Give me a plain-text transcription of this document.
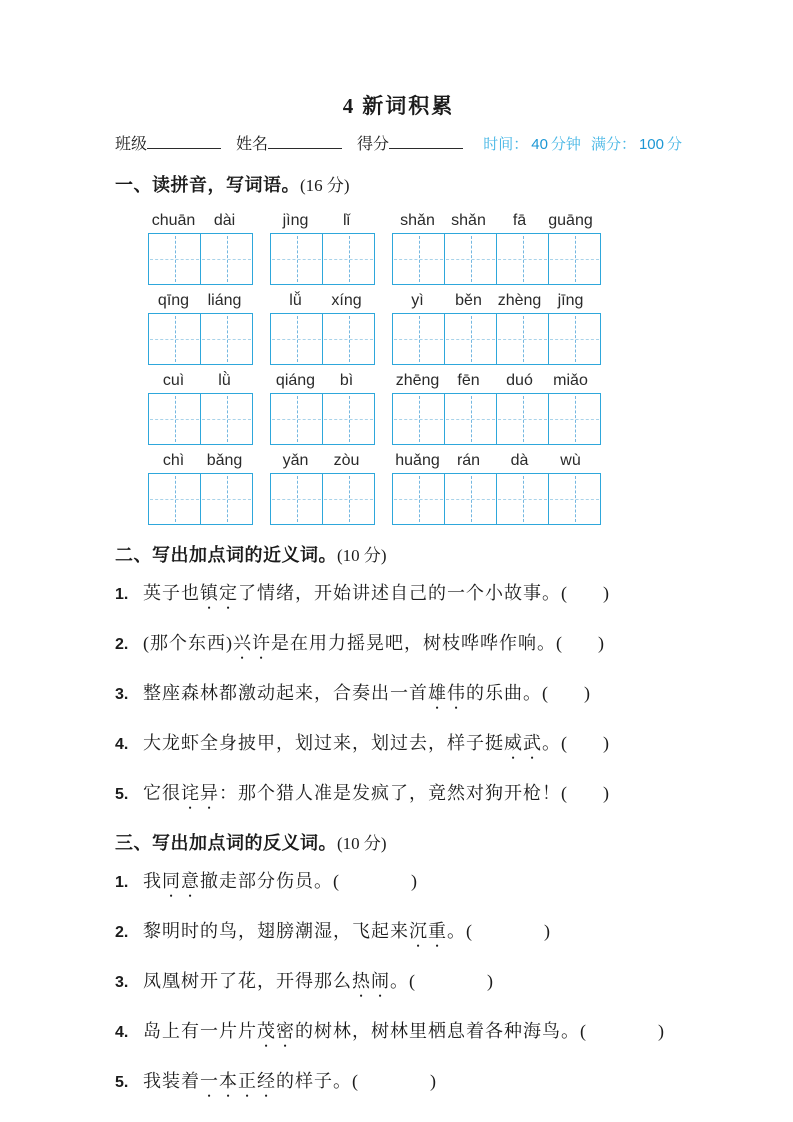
4 新词积累
班级	姓名	得分	时间： 40 分钟 满分： 100 分
一、读拼音，写词语。(16 分)
chuān	dài	jìng	lǐ	shǎn	shǎn	fā	guāng
qīng	liáng	lǚ	xíng	yì	běn zhèng	jīng
cuì	lǜ	qiáng	bì	zhēng	fēn	duó	miǎo
chì	bǎng	yǎn	zòu	huǎng	rán	dà	wù
二、写出加点词的近义词。(10 分)
1. 英子也镇定了情绪，开始讲述自己的一个小故事。(　　)
2. (那个东西)兴许是在用力摇晃吧，树枝哗哗作响。(　　)
3. 整座森林都激动起来，合奏出一首雄伟的乐曲。(　　)
4. 大龙虾全身披甲，划过来，划过去，样子挺威武。(　　)
5. 它很诧异：那个猎人准是发疯了，竟然对狗开枪！(　　)
三、写出加点词的反义词。(10 分)
1. 我同意撤走部分伤员。(　　　　)
2. 黎明时的鸟，翅膀潮湿，飞起来沉重。(　　　　)
3. 凤凰树开了花，开得那么热闹。(　　　　)
4. 岛上有一片片茂密的树林，树林里栖息着各种海鸟。(　　　　)
5. 我装着一本正经的样子。(　　　　)
